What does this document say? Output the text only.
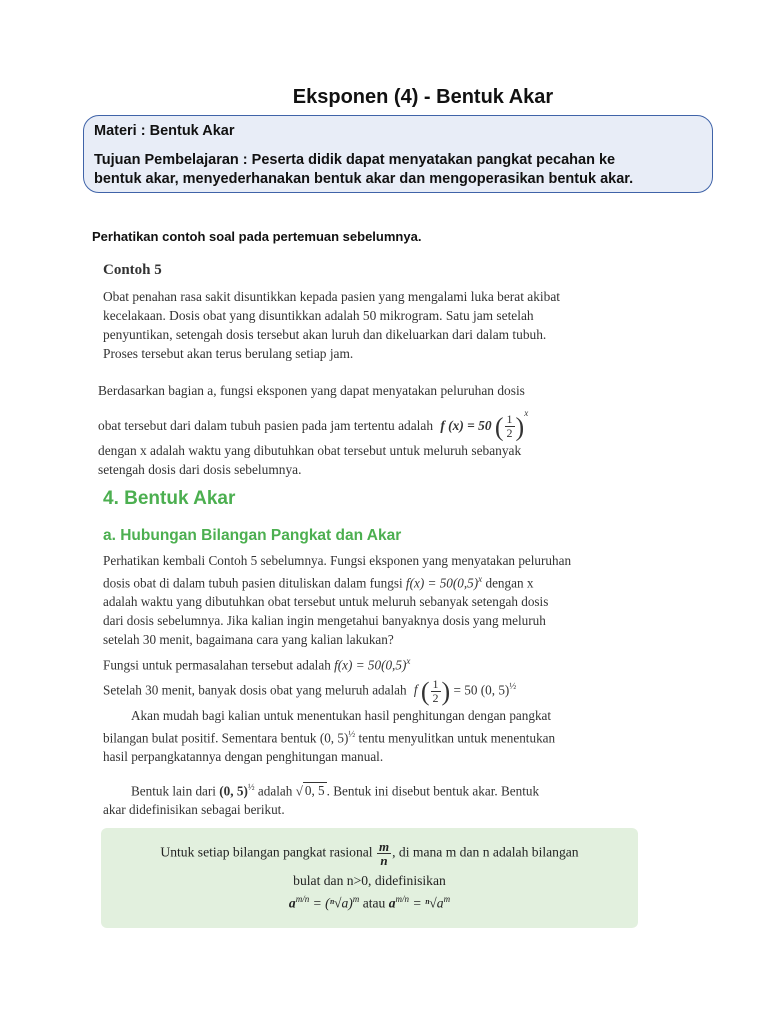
Eksponen (4) - Bentuk Akar
Materi : Bentuk Akar
Tujuan Pembelajaran : Peserta didik dapat menyatakan pangkat pecahan ke
bentuk akar, menyederhanakan bentuk akar dan mengoperasikan bentuk akar.
Perhatikan contoh soal pada pertemuan sebelumnya.
Contoh 5

Obat penahan rasa sakit disuntikkan kepada pasien yang mengalami luka berat akibat

kecelakaan. Dosis obat yang disuntikkan adalah 50 mikrogram. Satu jam setelah

penyuntikan, setengah dosis tersebut akan luruh dan dikeluarkan dari dalam tubuh.

Proses tersebut akan terus berulang setiap jam.

Berdasarkan bagian a, fungsi eksponen yang dapat menyatakan peluruhan dosis
obat tersebut dari dalam tubuh pasien pada jam tertentu adalah f (x) = 50 ( $\frac{1}{2} )^x$
dengan x adalah waktu yang dibutuhkan obat tersebut untuk meluruh sebanyak
setengah dosis dari dosis sebelumnya.
4. Bentuk Akar
a. Hubungan Bilangan Pangkat dan Akar

Perhatikan kembali Contoh 5 sebelumnya. Fungsi eksponen yang menyatakan peluruhan

dosis obat di dalam tubuh pasien dituliskan dalam fungsi $f(x) = 50(0,5)^x$ dengan x

adalah waktu yang dibutuhkan obat tersebut untuk meluruh sebanyak setengah dosis

dari dosis sebelumnya. Jika kalian ingin mengetahui banyaknya dosis yang meluruh

setelah 30 menit, bagaimana cara yang kalian lakukan?

Fungsi untuk permasalahan tersebut adalah $f(x) = 50(0,5)^x$
Setelah 30 menit, banyak dosis obat yang meluruh adalah f ( $\frac{1}{2}$ ) = 50 (0, 5)$^{\frac{1}{2}}$

Akan mudah bagi kalian untuk menentukan hasil penghitungan dengan pangkat

bilangan bulat positif. Sementara bentuk (0, 5)$^{\frac{1}{2}}$ tentu menyulitkan untuk menentukan

hasil perpangkatannya dengan penghitungan manual.

Bentuk lain dari (0, 5)$^{\frac{1}{2}}$ adalah √ 0, 5 . Bentuk ini disebut bentuk akar. Bentuk

akar didefinisikan sebagai berikut.

Untuk setiap bilangan pangkat rasional $\frac{m}{n}$ , di mana m dan n adalah bilangan
bulat dan n>0, didefinisikan
$a^{m/n} = (^n√a)^m$ atau $a^{m/n} = ^n√a^m$
